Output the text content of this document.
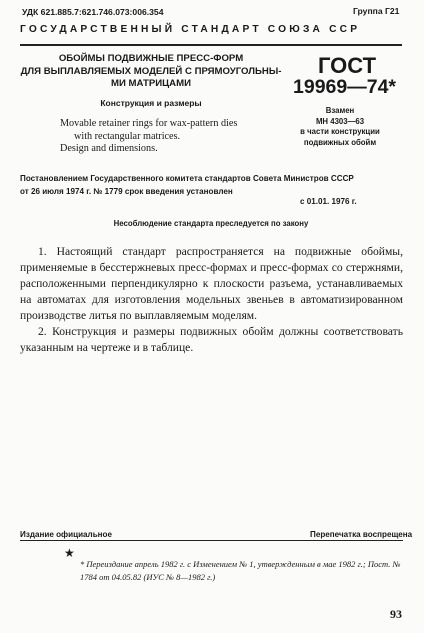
УДК 621.885.7:621.746.073:006.354	Группа Г21
ГОСУДАРСТВЕННЫЙ СТАНДАРТ СОЮЗА ССР
ОБОЙМЫ ПОДВИЖНЫЕ ПРЕСС-ФОРМ
ДЛЯ ВЫПЛАВЛЯЕМЫХ МОДЕЛЕЙ С ПРЯМОУГОЛЬНЫ-
МИ МАТРИЦАМИ
Конструкция и размеры
Movable retainer rings for wax-pattern dies
with rectangular matrices.
Design and dimensions.
ГОСТ
19969—74*
Взамен
МН 4303—63
в части конструкции
подвижных обойм
Постановлением Государственного комитета стандартов Совета Министров СССР
от 26 июля 1974 г. № 1779 срок введения установлен
с 01.01. 1976 г.
Несоблюдение стандарта преследуется по закону

1. Настоящий стандарт распространяется на подвижные обоймы, применяемые в бесстержневых пресс-формах и пресс-формах со стержнями, расположенными перпендикулярно к плоскости разъема, устанавливаемых на автоматах для изготовления модельных звеньев в автоматизированном производстве литья по выплавляемым моделям.

2. Конструкция и размеры подвижных обойм должны соответствовать указанным на чертеже и в таблице.

Издание официальное	Перепечатка воспрещена
★
* Переиздание апрель 1982 г. с Изменением № 1, утвержденным в мае 1982 г.; Пост. № 1784 от 04.05.82 (ИУС № 8—1982 г.)
93
